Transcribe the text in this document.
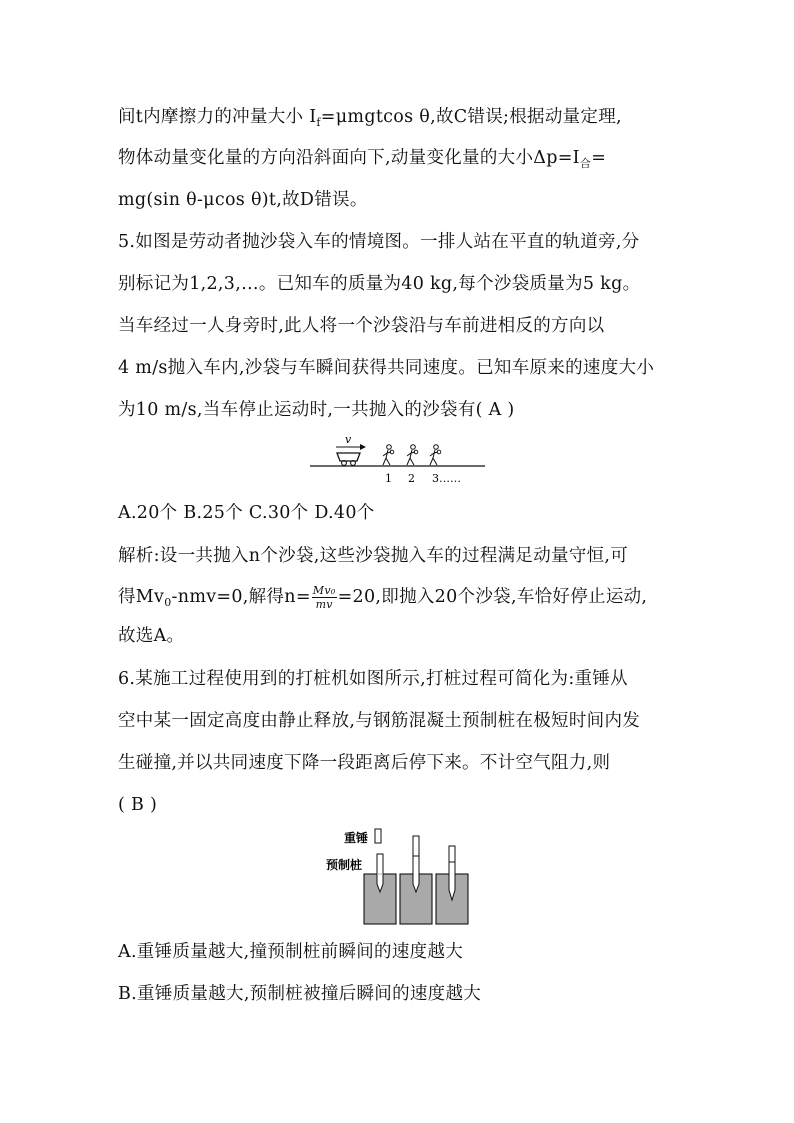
间t内摩擦力的冲量大小 $I_f=\mu mgtcos$ θ,故C错误;根据动量定理,
物体动量变化量的方向沿斜面向下,动量变化量的大小$\Delta p=I_合=$
mg(sin θ-μcos θ)t,故D错误。
5.如图是劳动者抛沙袋入车的情境图。一排人站在平直的轨道旁,分
别标记为1,2,3,…。已知车的质量为40 kg,每个沙袋质量为5 kg。
当车经过一人身旁时,此人将一个沙袋沿与车前进相反的方向以
4 m/s抛入车内,沙袋与车瞬间获得共同速度。已知车原来的速度大小
为10 m/s,当车停止运动时,一共抛入的沙袋有( A )
v
1 2 3……
A.20个 B.25个 C.30个 D.40个
解析:设一共抛入n个沙袋,这些沙袋抛入车的过程满足动量守恒,可
得$Mv_0-nmv=0$,解得$n= \frac{\text{Mv₀}}{mv} =20$,即抛入20个沙袋,车恰好停止运动,
故选A。
6.某施工过程使用到的打桩机如图所示,打桩过程可简化为:重锤从
空中某一固定高度由静止释放,与钢筋混凝土预制桩在极短时间内发
生碰撞,并以共同速度下降一段距离后停下来。不计空气阻力,则
( B )
重锤
预制桩
A.重锤质量越大,撞预制桩前瞬间的速度越大
B.重锤质量越大,预制桩被撞后瞬间的速度越大
